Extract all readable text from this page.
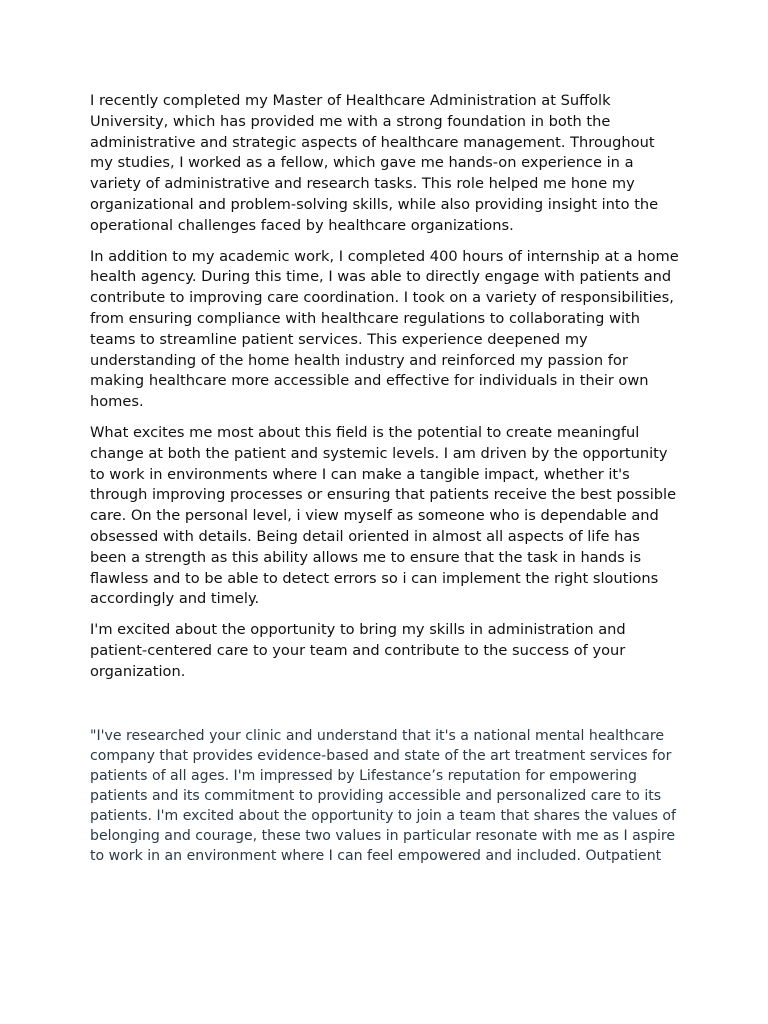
I recently completed my Master of Healthcare Administration at Suffolk University, which has provided me with a strong foundation in both the administrative and strategic aspects of healthcare management. Throughout my studies, I worked as a fellow, which gave me hands-on experience in a variety of administrative and research tasks. This role helped me hone my organizational and problem-solving skills, while also providing insight into the operational challenges faced by healthcare organizations.

In addition to my academic work, I completed 400 hours of internship at a home health agency. During this time, I was able to directly engage with patients and contribute to improving care coordination. I took on a variety of responsibilities, from ensuring compliance with healthcare regulations to collaborating with teams to streamline patient services. This experience deepened my understanding of the home health industry and reinforced my passion for making healthcare more accessible and effective for individuals in their own homes.

What excites me most about this field is the potential to create meaningful change at both the patient and systemic levels. I am driven by the opportunity to work in environments where I can make a tangible impact, whether it's through improving processes or ensuring that patients receive the best possible care. On the personal level, i view myself as someone who is dependable and obsessed with details. Being detail oriented in almost all aspects of life has been a strength as this ability allows me to ensure that the task in hands is flawless and to be able to detect errors so i can implement the right sloutions accordingly and timely.

I'm excited about the opportunity to bring my skills in administration and patient-centered care to your team and contribute to the success of your organization.

"I've researched your clinic and understand that it's a national mental healthcare company that provides evidence-based and state of the art treatment services for patients of all ages. I'm impressed by Lifestance’s reputation for empowering patients and its commitment to providing accessible and personalized care to its patients. I'm excited about the opportunity to join a team that shares the values of belonging and courage, these two values in particular resonate with me as I aspire to work in an environment where I can feel empowered and included. Outpatient
